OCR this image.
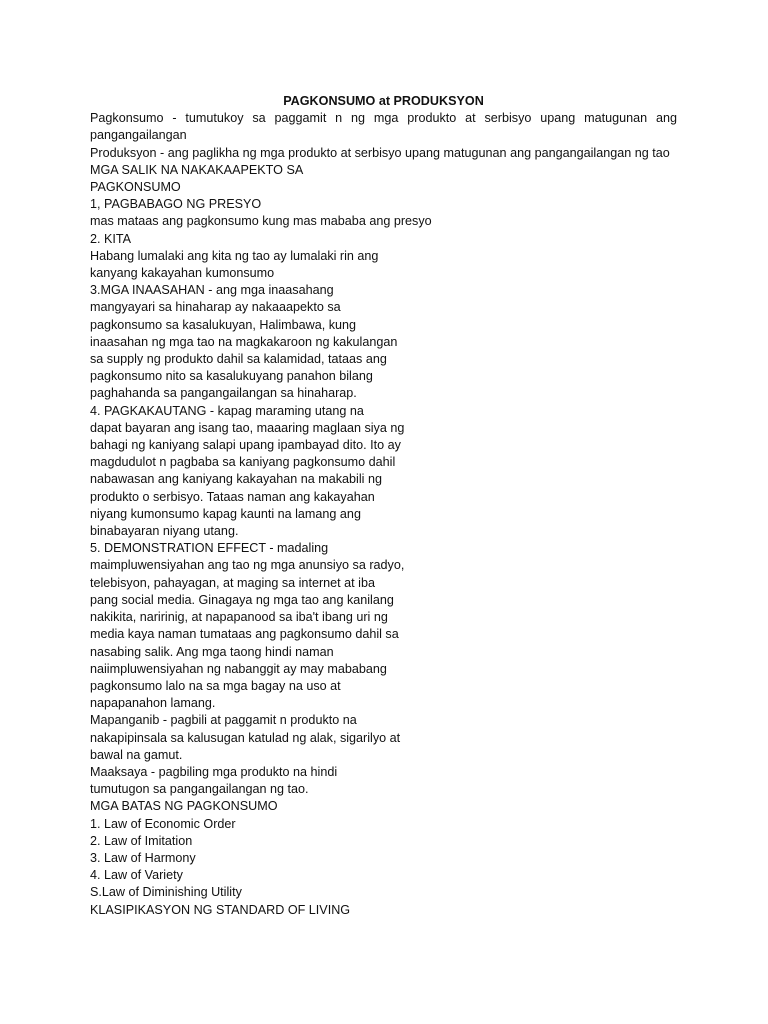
PAGKONSUMO at PRODUKSYON

Pagkonsumo - tumutukoy sa paggamit n ng mga produkto at serbisyo upang matugunan ang pangangailangan

Produksyon - ang paglikha ng mga produkto at serbisyo upang matugunan ang pangangailangan ng tao

MGA SALIK NA NAKAKAAPEKTO SA

PAGKONSUMO

1, PAGBABAGO NG PRESYO

mas mataas ang pagkonsumo kung mas mababa ang presyo

2. KITA

Habang lumalaki ang kita ng tao ay lumalaki rin ang

kanyang kakayahan kumonsumo

3.MGA INAASAHAN - ang mga inaasahang

mangyayari sa hinaharap ay nakaaapekto sa

pagkonsumo sa kasalukuyan, Halimbawa, kung

inaasahan ng mga tao na magkakaroon ng kakulangan

sa supply ng produkto dahil sa kalamidad, tataas ang

pagkonsumo nito sa kasalukuyang panahon bilang

paghahanda sa pangangailangan sa hinaharap.

4. PAGKAKAUTANG - kapag maraming utang na

dapat bayaran ang isang tao, maaaring maglaan siya ng

bahagi ng kaniyang salapi upang ipambayad dito. Ito ay

magdudulot n pagbaba sa kaniyang pagkonsumo dahil

nabawasan ang kaniyang kakayahan na makabili ng

produkto o serbisyo. Tataas naman ang kakayahan

niyang kumonsumo kapag kaunti na lamang ang

binabayaran niyang utang.

5. DEMONSTRATION EFFECT - madaling

maimpluwensiyahan ang tao ng mga anunsiyo sa radyo,

telebisyon, pahayagan, at maging sa internet at iba

pang social media. Ginagaya ng mga tao ang kanilang

nakikita, naririnig, at napapanood sa iba't ibang uri ng

media kaya naman tumataas ang pagkonsumo dahil sa

nasabing salik. Ang mga taong hindi naman

naiimpluwensiyahan ng nabanggit ay may mababang

pagkonsumo lalo na sa mga bagay na uso at

napapanahon lamang.

Mapanganib - pagbili at paggamit n produkto na

nakapipinsala sa kalusugan katulad ng alak, sigarilyo at

bawal na gamut.

Maaksaya - pagbiling mga produkto na hindi

tumutugon sa pangangailangan ng tao.

MGA BATAS NG PAGKONSUMO

1. Law of Economic Order

2. Law of Imitation

3. Law of Harmony

4. Law of Variety

S.Law of Diminishing Utility

KLASIPIKASYON NG STANDARD OF LIVING
